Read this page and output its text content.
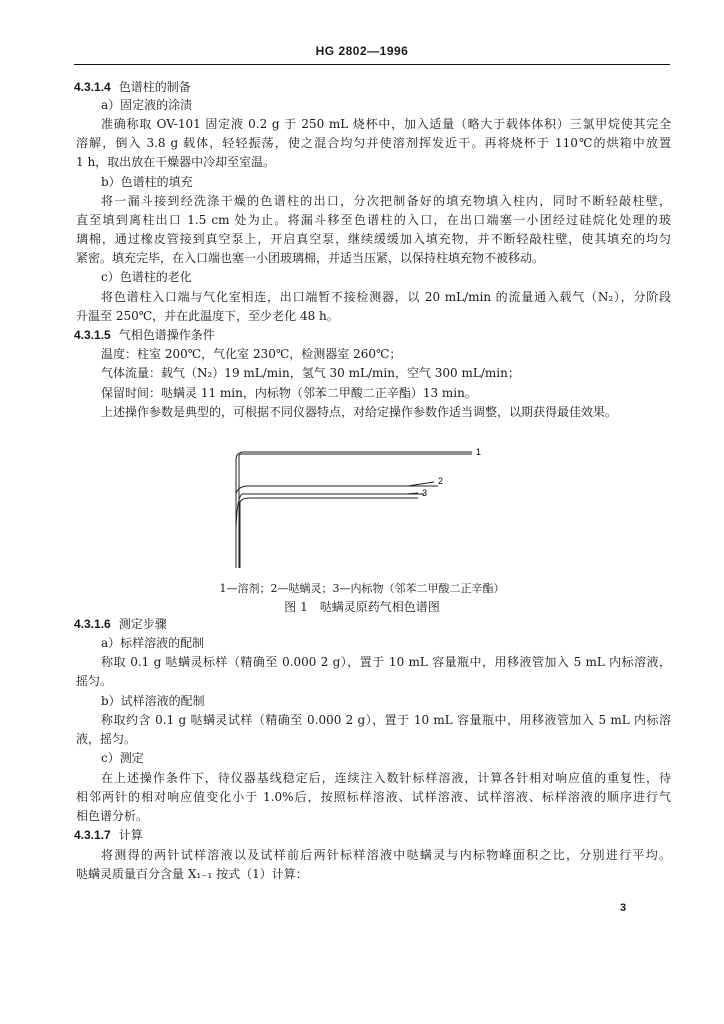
HG 2802—1996
4.3.1.4 色谱柱的制备
a）固定液的涂渍
准确称取 OV-101 固定液 0.2 g 于 250 mL 烧杯中，加入适量（略大于载体体积）三氯甲烷使其完全
溶解，倒入 3.8 g 载体，轻轻振荡，使之混合均匀并使溶剂挥发近干。再将烧杯于 110℃的烘箱中放置
1 h，取出放在干燥器中冷却至室温。
b）色谱柱的填充
将一漏斗接到经洗涤干燥的色谱柱的出口，分次把制备好的填充物填入柱内，同时不断轻敲柱壁，
直至填到离柱出口 1.5 cm 处为止。将漏斗移至色谱柱的入口，在出口端塞一小团经过硅烷化处理的玻
璃棉，通过橡皮管接到真空泵上，开启真空泵，继续缓缓加入填充物，并不断轻敲柱壁，使其填充的均匀
紧密。填充完毕，在入口端也塞一小团玻璃棉，并适当压紧，以保持柱填充物不被移动。
c）色谱柱的老化
将色谱柱入口端与气化室相连，出口端暂不接检测器，以 20 mL/min 的流量通入载气（N₂），分阶段
升温至 250℃，并在此温度下，至少老化 48 h。
4.3.1.5 气相色谱操作条件
温度：柱室 200℃，气化室 230℃，检测器室 260℃；
气体流量：载气（N₂）19 mL/min，氢气 30 mL/min，空气 300 mL/min；
保留时间：哒螨灵 11 min，内标物（邻苯二甲酸二正辛酯）13 min。
上述操作参数是典型的，可根据不同仪器特点，对给定操作参数作适当调整，以期获得最佳效果。
1
2
3
1—溶剂；2—哒螨灵；3—内标物（邻苯二甲酸二正辛酯）
图 1　哒螨灵原药气相色谱图
4.3.1.6 测定步骤
a）标样溶液的配制
称取 0.1 g 哒螨灵标样（精确至 0.000 2 g），置于 10 mL 容量瓶中，用移液管加入 5 mL 内标溶液，
摇匀。
b）试样溶液的配制
称取约含 0.1 g 哒螨灵试样（精确至 0.000 2 g），置于 10 mL 容量瓶中，用移液管加入 5 mL 内标溶
液，摇匀。
c）测定
在上述操作条件下，待仪器基线稳定后，连续注入数针标样溶液，计算各针相对响应值的重复性，待
相邻两针的相对响应值变化小于 1.0%后，按照标样溶液、试样溶液、试样溶液、标样溶液的顺序进行气
相色谱分析。
4.3.1.7 计算
将测得的两针试样溶液以及试样前后两针标样溶液中哒螨灵与内标物峰面积之比，分别进行平均。
哒螨灵质量百分含量 X₁₋₁ 按式（1）计算：
3
